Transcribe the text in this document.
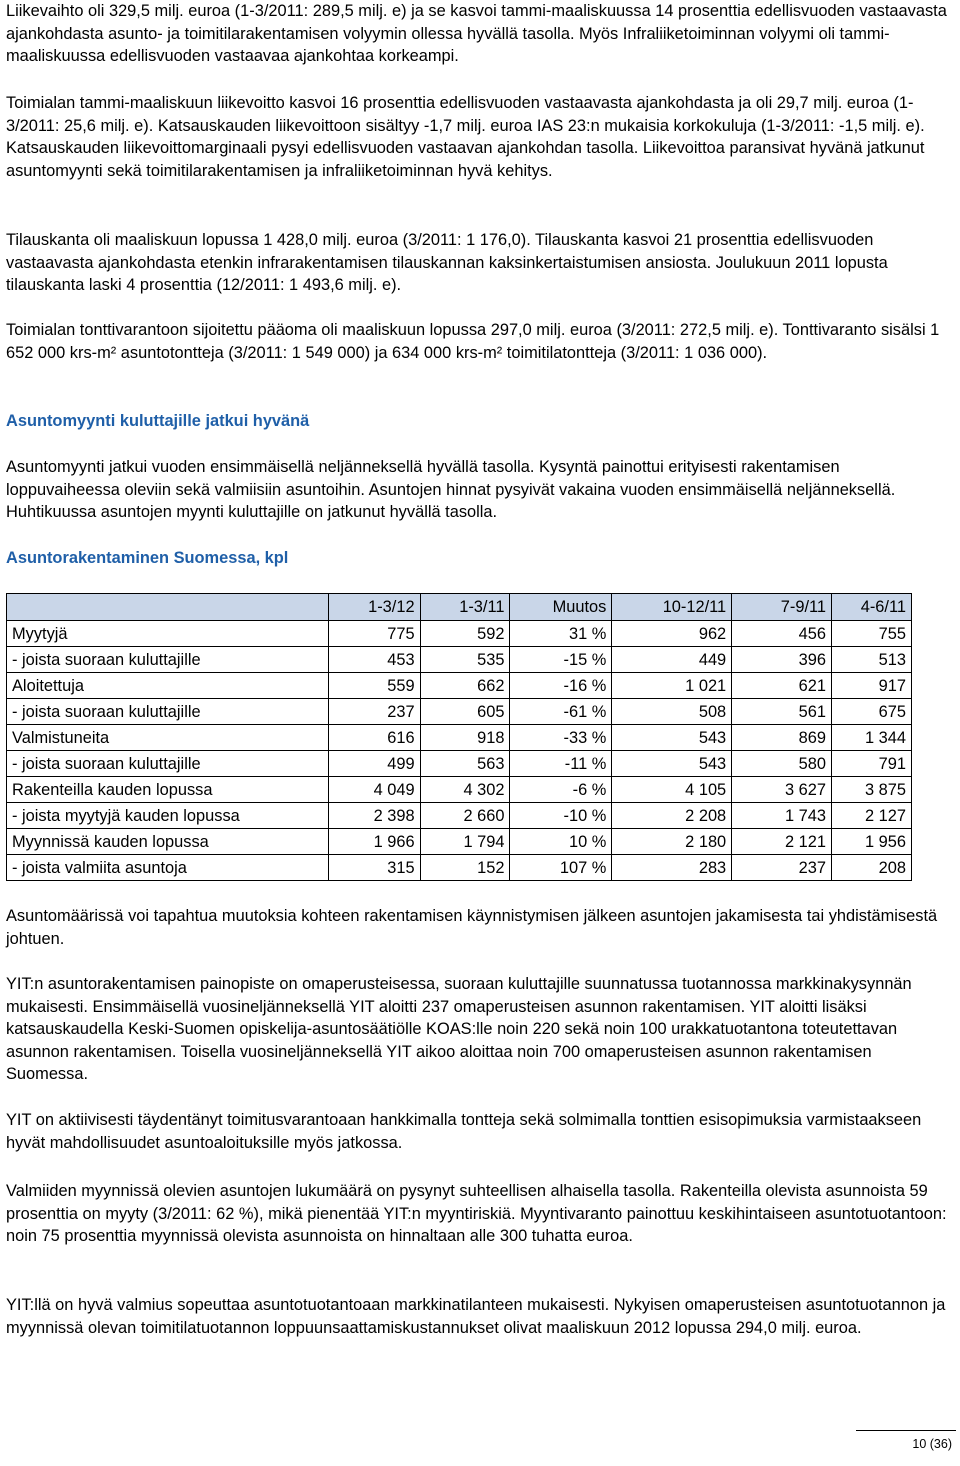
Liikevaihto oli 329,5 milj. euroa (1-3/2011: 289,5 milj. e) ja se kasvoi tammi-maaliskuussa 14 prosenttia edellisvuoden vastaavasta ajankohdasta asunto- ja toimitilarakentamisen volyymin ollessa hyvällä tasolla. Myös Infraliiketoiminnan volyymi oli tammi-maaliskuussa edellisvuoden vastaavaa ajankohtaa korkeampi.

Toimialan tammi-maaliskuun liikevoitto kasvoi 16 prosenttia edellisvuoden vastaavasta ajankohdasta ja oli 29,7 milj. euroa (1-3/2011: 25,6 milj. e). Katsauskauden liikevoittoon sisältyy -1,7 milj. euroa IAS 23:n mukaisia korkokuluja (1-3/2011: -1,5 milj. e). Katsauskauden liikevoittomarginaali pysyi edellisvuoden vastaavan ajankohdan tasolla. Liikevoittoa paransivat hyvänä jatkunut asuntomyynti sekä toimitilarakentamisen ja infraliiketoiminnan hyvä kehitys.

Tilauskanta oli maaliskuun lopussa 1 428,0 milj. euroa (3/2011: 1 176,0). Tilauskanta kasvoi 21 prosenttia edellisvuoden vastaavasta ajankohdasta etenkin infrarakentamisen tilauskannan kaksinkertaistumisen ansiosta. Joulukuun 2011 lopusta tilauskanta laski 4 prosenttia (12/2011: 1 493,6 milj. e).

Toimialan tonttivarantoon sijoitettu pääoma oli maaliskuun lopussa 297,0 milj. euroa (3/2011: 272,5 milj. e). Tonttivaranto sisälsi 1 652 000 krs-m² asuntotontteja (3/2011: 1 549 000) ja 634 000 krs-m² toimitilatontteja (3/2011: 1 036 000).

Asuntomyynti kuluttajille jatkui hyvänä

Asuntomyynti jatkui vuoden ensimmäisellä neljänneksellä hyvällä tasolla. Kysyntä painottui erityisesti rakentamisen loppuvaiheessa oleviin sekä valmiisiin asuntoihin. Asuntojen hinnat pysyivät vakaina vuoden ensimmäisellä neljänneksellä. Huhtikuussa asuntojen myynti kuluttajille on jatkunut hyvällä tasolla.

Asuntorakentaminen Suomessa, kpl

	1-3/12	1-3/11	Muutos	10-12/11	7-9/11	4-6/11
Myytyjä	775	592	31 %	962	456	755
- joista suoraan kuluttajille	453	535	-15 %	449	396	513
Aloitettuja	559	662	-16 %	1 021	621	917
- joista suoraan kuluttajille	237	605	-61 %	508	561	675
Valmistuneita	616	918	-33 %	543	869	1 344
- joista suoraan kuluttajille	499	563	-11 %	543	580	791
Rakenteilla kauden lopussa	4 049	4 302	-6 %	4 105	3 627	3 875
- joista myytyjä kauden lopussa	2 398	2 660	-10 %	2 208	1 743	2 127
Myynnissä kauden lopussa	1 966	1 794	10 %	2 180	2 121	1 956
- joista valmiita asuntoja	315	152	107 %	283	237	208

Asuntomäärissä voi tapahtua muutoksia kohteen rakentamisen käynnistymisen jälkeen asuntojen jakamisesta tai yhdistämisestä johtuen.

YIT:n asuntorakentamisen painopiste on omaperusteisessa, suoraan kuluttajille suunnatussa tuotannossa markkinakysynnän mukaisesti. Ensimmäisellä vuosineljänneksellä YIT aloitti 237 omaperusteisen asunnon rakentamisen. YIT aloitti lisäksi katsauskaudella Keski-Suomen opiskelija-asuntosäätiölle KOAS:lle noin 220 sekä noin 100 urakkatuotantona toteutettavan asunnon rakentamisen. Toisella vuosineljänneksellä YIT aikoo aloittaa noin 700 omaperusteisen asunnon rakentamisen Suomessa.

YIT on aktiivisesti täydentänyt toimitusvarantoaan hankkimalla tontteja sekä solmimalla tonttien esisopimuksia varmistaakseen hyvät mahdollisuudet asuntoaloituksille myös jatkossa.

Valmiiden myynnissä olevien asuntojen lukumäärä on pysynyt suhteellisen alhaisella tasolla. Rakenteilla olevista asunnoista 59 prosenttia on myyty (3/2011: 62 %), mikä pienentää YIT:n myyntiriskiä. Myyntivaranto painottuu keskihintaiseen asuntotuotantoon: noin 75 prosenttia myynnissä olevista asunnoista on hinnaltaan alle 300 tuhatta euroa.

YIT:llä on hyvä valmius sopeuttaa asuntotuotantoaan markkinatilanteen mukaisesti. Nykyisen omaperusteisen asuntotuotannon ja myynnissä olevan toimitilatuotannon loppuunsaattamiskustannukset olivat maaliskuun 2012 lopussa 294,0 milj. euroa.

10 (36)
